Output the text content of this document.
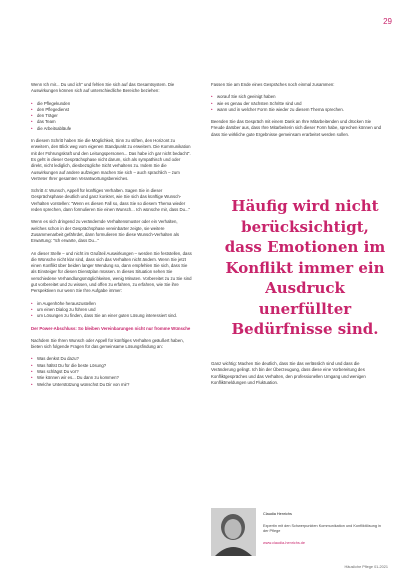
29

Wenn Ich mir... Du und ich" und fehlen Sie sich auf das Gesamtsystem. Die Auswirkungen können sich auf unterschiedliche Bereiche beziehen:

• die Pflegekunden
• den Pflegedienst
• den Träger
• das Team
• die Arbeitsabläufe

In diesem Schritt haben Sie die Möglichkeit, Sinn zu stiften, den Horizont zu erweitern, den Blick weg vom eigenen Standpunkt zu erweitern. Die Kommunikation mit der Führungskraft und den Leitungspersonen... Das habe ich gar nicht bedacht". Es geht in dieser Gesprächsphase nicht darum, sich als sympathisch und oder direkt, nicht lediglich, diesbezügliche Sicht verhaltens zu. Indem Sie die Auswirkungen auf andere aufzeigen machen Sie sich – auch sprachlich – zum Vertreter Ihrer gesamten Verantwortungsbereiches.

Schritt 4: Wunsch, Appell für künftiges Verhalten. Sagen Sie in dieser Gesprächsphase deutlich und ganz konkret, wie Sie sich das künftige Wunsch-Verhalten vorstellen: "Wenn es diesen Fall so, dass Sie so diesem Thema wieder reden sprechen, dann formulieren Sie einen Wunsch... Ich wünsche mir, dass Du..."

Wenn es sich dringend zu verändernde Verhaltensmuster oder ein Verhalten, welches schon in der Gesprächsphase vereinbarter zeigte, sie weitere Zusammenarbeit gefährdet, dann formulieren Sie diese Wunsch-Verhalten als Erwartung: "Ich erwarte, dass Du..."

An dieser Stelle – und nicht im Grußteil Auswirkungen – werden Sie feststellen, dass die Wünsche nicht klar sind, dass sich das Verhalten nicht ändern. Wenn Sie jetzt einen Konflikt über beiden langer Wendung so, dann empfehlen Sie sich, dass Sie als Einsteiger für diesen Dienstplan müssen. In dieses Situation sehen Sie verschiedene Verhandlungsmöglichkeiten, wenig Minuten. Vorbereitet zu zu Sie sind gut vorbereitet und zu wissen, und offen zu erfahren, zu erfahren, wie Sie ihre Perspektiven nur wenn Sie Ihre Aufgabe immer:

• im Augenhöhe herauszustellen
• um einen Dialog zu führen und
• um Lösungen zu finden, dass Sie an einer guten Lösung interessiert sind.

Der Power-Abschluss: So bleiben Vereinbarungen nicht nur fromme Wünsche

Nachdem Sie Ihren Wunsch oder Appell für künftiges Verhalten geäußert haben, bieten sich folgende Fragen für das gemeinsame Lösungsfindung an:

• Was denkst Du dazu?
• Was hältst Du für die beste Lösung?
• Was schlägst Du vor?
• Wie können wir es... Du dann zu kommen?
• Welche Unterstützung wünschst Du Dir von mir?

Fassen Sie am Ende eines Gespräches noch einmal zusammen:

• worauf Sie sich geeinigt haben
• wie es genau der nächsten Schritte sind und
• wann und in welcher Form Sie wieder zu diesem Thema sprechen.

Beenden Sie das Gespräch mit einem Dank an Ihre Mitarbeitenden und drücken Sie Freude darüber aus, dass Ihre Mitarbeiterin sich dieser Form habe, sprechen können und dass Sie wirkliche gute Ergebnisse gemeinsam erarbeitet werden sollen.

Häufig wird nicht berücksichtigt, dass Emotionen im Konflikt immer ein Ausdruck unerfüllter Bedürfnisse sind.

Ganz wichtig: Machen Sie deutlich, dass Sie das verlässlich sind und dass die Veränderung gelingt. Ich bin der Überzeugung, dass diese eine Vorbereitung des Konfliktgespräches und das Verhalten, den professionellen Umgang und wenigen Konfliktmeldungen und Fluktuation.

Claudia Henrichs
Expertin mit den Schwerpunkten Kommunikation und Konfliktlösung in der Pflege
www.claudia-henrichs.de
Häusliche Pflege 01-2021
